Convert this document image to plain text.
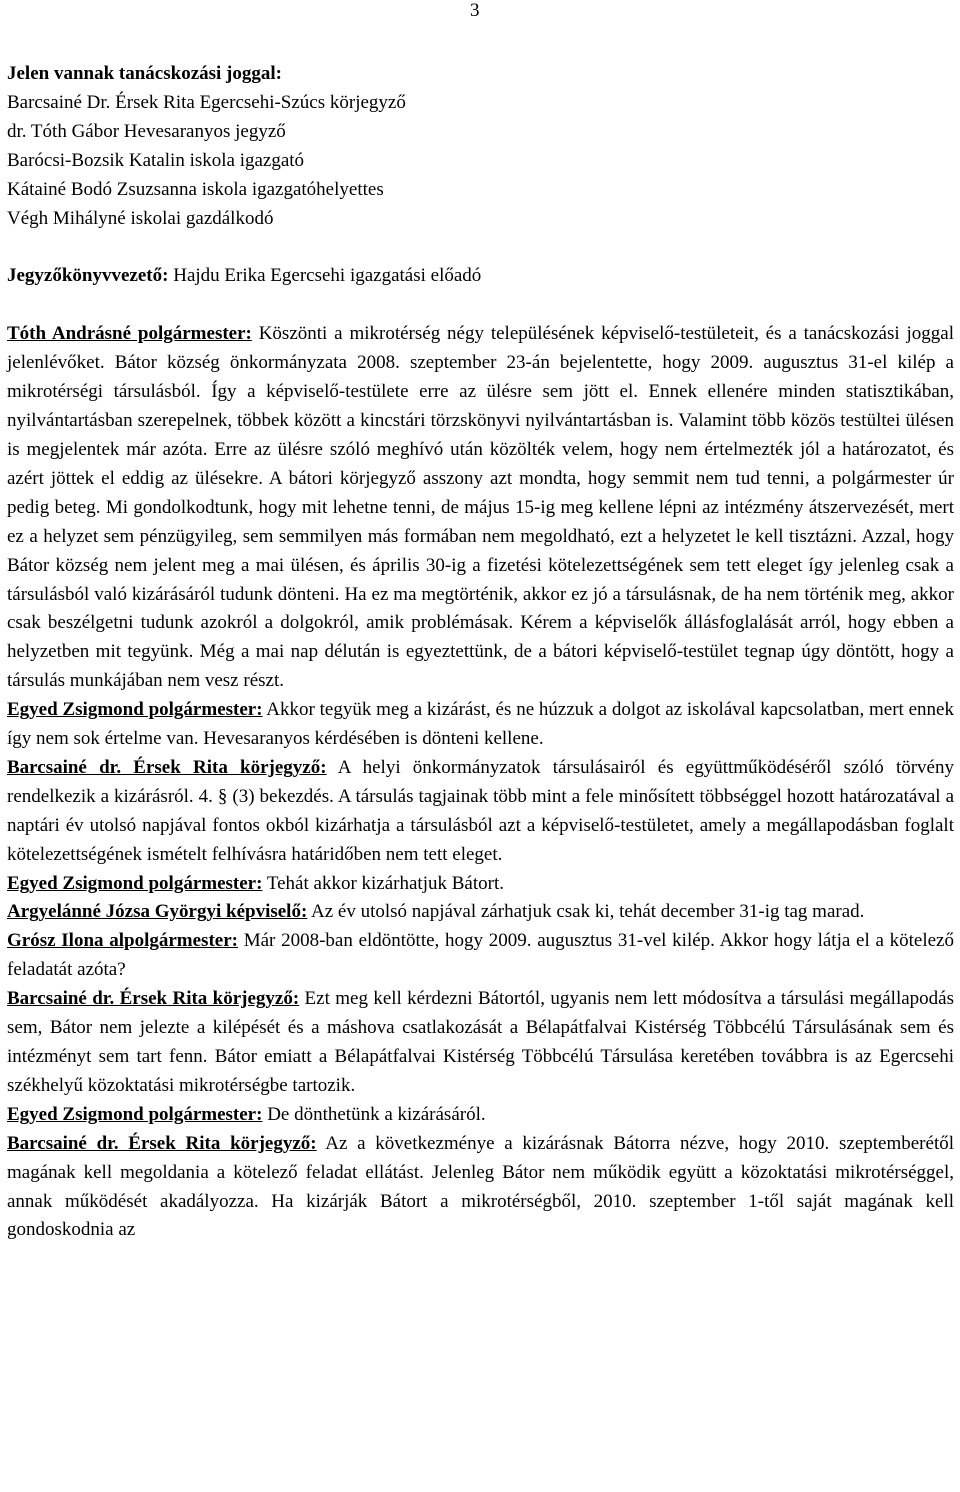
3
Jelen vannak tanácskozási joggal:
Barcsainé Dr. Érsek Rita Egercsehi-Szúcs körjegyző
dr. Tóth Gábor Hevesaranyos jegyző
Barócsi-Bozsik Katalin iskola igazgató
Kátainé Bodó Zsuzsanna iskola igazgatóhelyettes
Végh Mihályné iskolai gazdálkodó
Jegyzőkönyvvezető: Hajdu Erika Egercsehi igazgatási előadó
Tóth Andrásné polgármester: Köszönti a mikrotérség négy településének képviselő-testületeit, és a tanácskozási joggal jelenlévőket. Bátor község önkormányzata 2008. szeptember 23-án bejelentette, hogy 2009. augusztus 31-el kilép a mikrotérségi társulásból. Így a képviselő-testülete erre az ülésre sem jött el. Ennek ellenére minden statisztikában, nyilvántartásban szerepelnek, többek között a kincstári törzskönyvi nyilvántartásban is. Valamint több közös testültei ülésen is megjelentek már azóta. Erre az ülésre szóló meghívó után közölték velem, hogy nem értelmezték jól a határozatot, és azért jöttek el eddig az ülésekre. A bátori körjegyző asszony azt mondta, hogy semmit nem tud tenni, a polgármester úr pedig beteg. Mi gondolkodtunk, hogy mit lehetne tenni, de május 15-ig meg kellene lépni az intézmény átszervezését, mert ez a helyzet sem pénzügyileg, sem semmilyen más formában nem megoldható, ezt a helyzetet le kell tisztázni. Azzal, hogy Bátor község nem jelent meg a mai ülésen, és április 30-ig a fizetési kötelezettségének sem tett eleget így jelenleg csak a társulásból való kizárásáról tudunk dönteni. Ha ez ma megtörténik, akkor ez jó a társulásnak, de ha nem történik meg, akkor csak beszélgetni tudunk azokról a dolgokról, amik problémásak. Kérem a képviselők állásfoglalását arról, hogy ebben a helyzetben mit tegyünk. Még a mai nap délután is egyeztettünk, de a bátori képviselő-testület tegnap úgy döntött, hogy a társulás munkájában nem vesz részt.
Egyed Zsigmond polgármester: Akkor tegyük meg a kizárást, és ne húzzuk a dolgot az iskolával kapcsolatban, mert ennek így nem sok értelme van. Hevesaranyos kérdésében is dönteni kellene.
Barcsainé dr. Érsek Rita körjegyző: A helyi önkormányzatok társulásairól és együttműködéséről szóló törvény rendelkezik a kizárásról. 4. § (3) bekezdés. A társulás tagjainak több mint a fele minősített többséggel hozott határozatával a naptári év utolsó napjával fontos okból kizárhatja a társulásból azt a képviselő-testületet, amely a megállapodásban foglalt kötelezettségének ismételt felhívásra határidőben nem tett eleget.
Egyed Zsigmond polgármester: Tehát akkor kizárhatjuk Bátort.
Argyelánné Józsa Györgyi képviselő: Az év utolsó napjával zárhatjuk csak ki, tehát december 31-ig tag marad.
Grósz Ilona alpolgármester: Már 2008-ban eldöntötte, hogy 2009. augusztus 31-vel kilép. Akkor hogy látja el a kötelező feladatát azóta?
Barcsainé dr. Érsek Rita körjegyző: Ezt meg kell kérdezni Bátortól, ugyanis nem lett módosítva a társulási megállapodás sem, Bátor nem jelezte a kilépését és a máshova csatlakozását a Bélapátfalvai Kistérség Többcélú Társulásának sem és intézményt sem tart fenn. Bátor emiatt a Bélapátfalvai Kistérség Többcélú Társulása keretében továbbra is az Egercsehi székhelyű közoktatási mikrotérségbe tartozik.
Egyed Zsigmond polgármester: De dönthetünk a kizárásáról.
Barcsainé dr. Érsek Rita körjegyző: Az a következménye a kizárásnak Bátorra nézve, hogy 2010. szeptemberétől magának kell megoldania a kötelező feladat ellátást. Jelenleg Bátor nem működik együtt a közoktatási mikrotérséggel, annak működését akadályozza. Ha kizárják Bátort a mikrotérségből, 2010. szeptember 1-től saját magának kell gondoskodnia az
